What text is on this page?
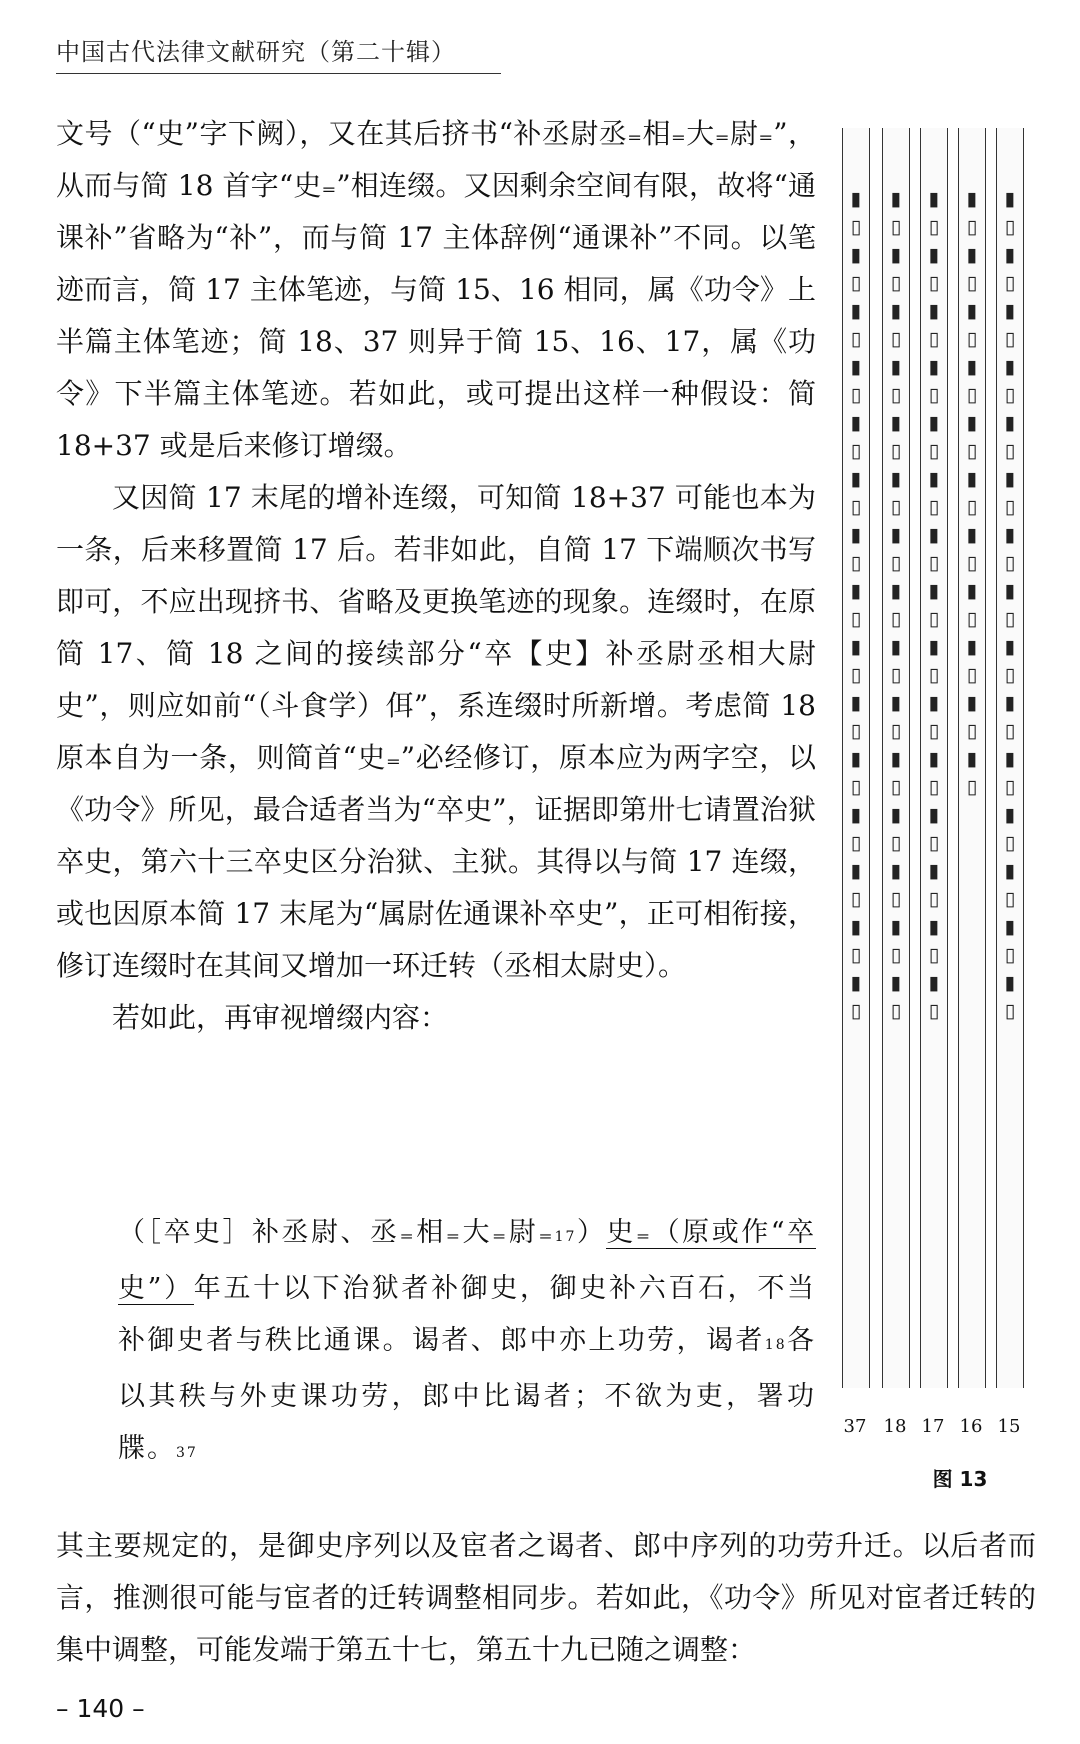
中国古代法律文献研究（第二十辑）

文号（“史”字下阙），又在其后挤书“补丞尉丞₌相₌大₌尉₌”，从而与简 18 首字“史₌”相连缀。又因剩余空间有限，故将“通课补”省略为“补”，而与简 17 主体辞例“通课补”不同。以笔迹而言，简 17 主体笔迹，与简 15、16 相同，属《功令》上半篇主体笔迹；简 18、37 则异于简 15、16、17，属《功令》下半篇主体笔迹。若如此，或可提出这样一种假设：简 18+37 或是后来修订增缀。

又因简 17 末尾的增补连缀，可知简 18+37 可能也本为一条，后来移置简 17 后。若非如此，自简 17 下端顺次书写即可，不应出现挤书、省略及更换笔迹的现象。连缀时，在原简 17、简 18 之间的接续部分“卒【史】补丞尉丞相大尉史”，则应如前“（斗食学）佴”，系连缀时所新增。考虑简 18 原本自为一条，则简首“史₌”必经修订，原本应为两字空，以《功令》所见，最合适者当为“卒史”，证据即第卅七请置治狱卒史，第六十三卒史区分治狱、主狱。其得以与简 17 连缀，或也因原本简 17 末尾为“属尉佐通课补卒史”，正可相衔接，修订连缀时在其间又增加一环迁转（丞相太尉史）。

若如此，再审视增缀内容：

（［卒史］补丞尉、丞₌相₌大₌尉₌17）史₌（原或作“卒史”）年五十以下治狱者补御史，御史补六百石，不当补御史者与秩比通课。谒者、郎中亦上功劳，谒者18各以其秩与外吏课功劳，郎中比谒者；不欲为吏，署功牒。37
▮▯▮▯▮▯▮▯▮▯▮▯▮▯▮▯▮▯▮▯▮▯▮▯▮▯▮▯▮▯ ▮▯▮▯▮▯▮▯▮▯▮▯▮▯▮▯▮▯▮▯▮▯▮▯▮▯▮▯▮▯ ▮▯▮▯▮▯▮▯▮▯▮▯▮▯▮▯▮▯▮▯▮▯▮▯▮▯▮▯▮▯ ▮▯▮▯▮▯▮▯▮▯▮▯▮▯▮▯▮▯▮▯▮▯ ▮▯▮▯▮▯▮▯▮▯▮▯▮▯▮▯▮▯▮▯▮▯▮▯▮▯▮▯▮▯
37 18 17 16 15
图 13
其主要规定的，是御史序列以及宦者之谒者、郎中序列的功劳升迁。以后者而言，推测很可能与宦者的迁转调整相同步。若如此，《功令》所见对宦者迁转的集中调整，可能发端于第五十七，第五十九已随之调整：
– 140 –
